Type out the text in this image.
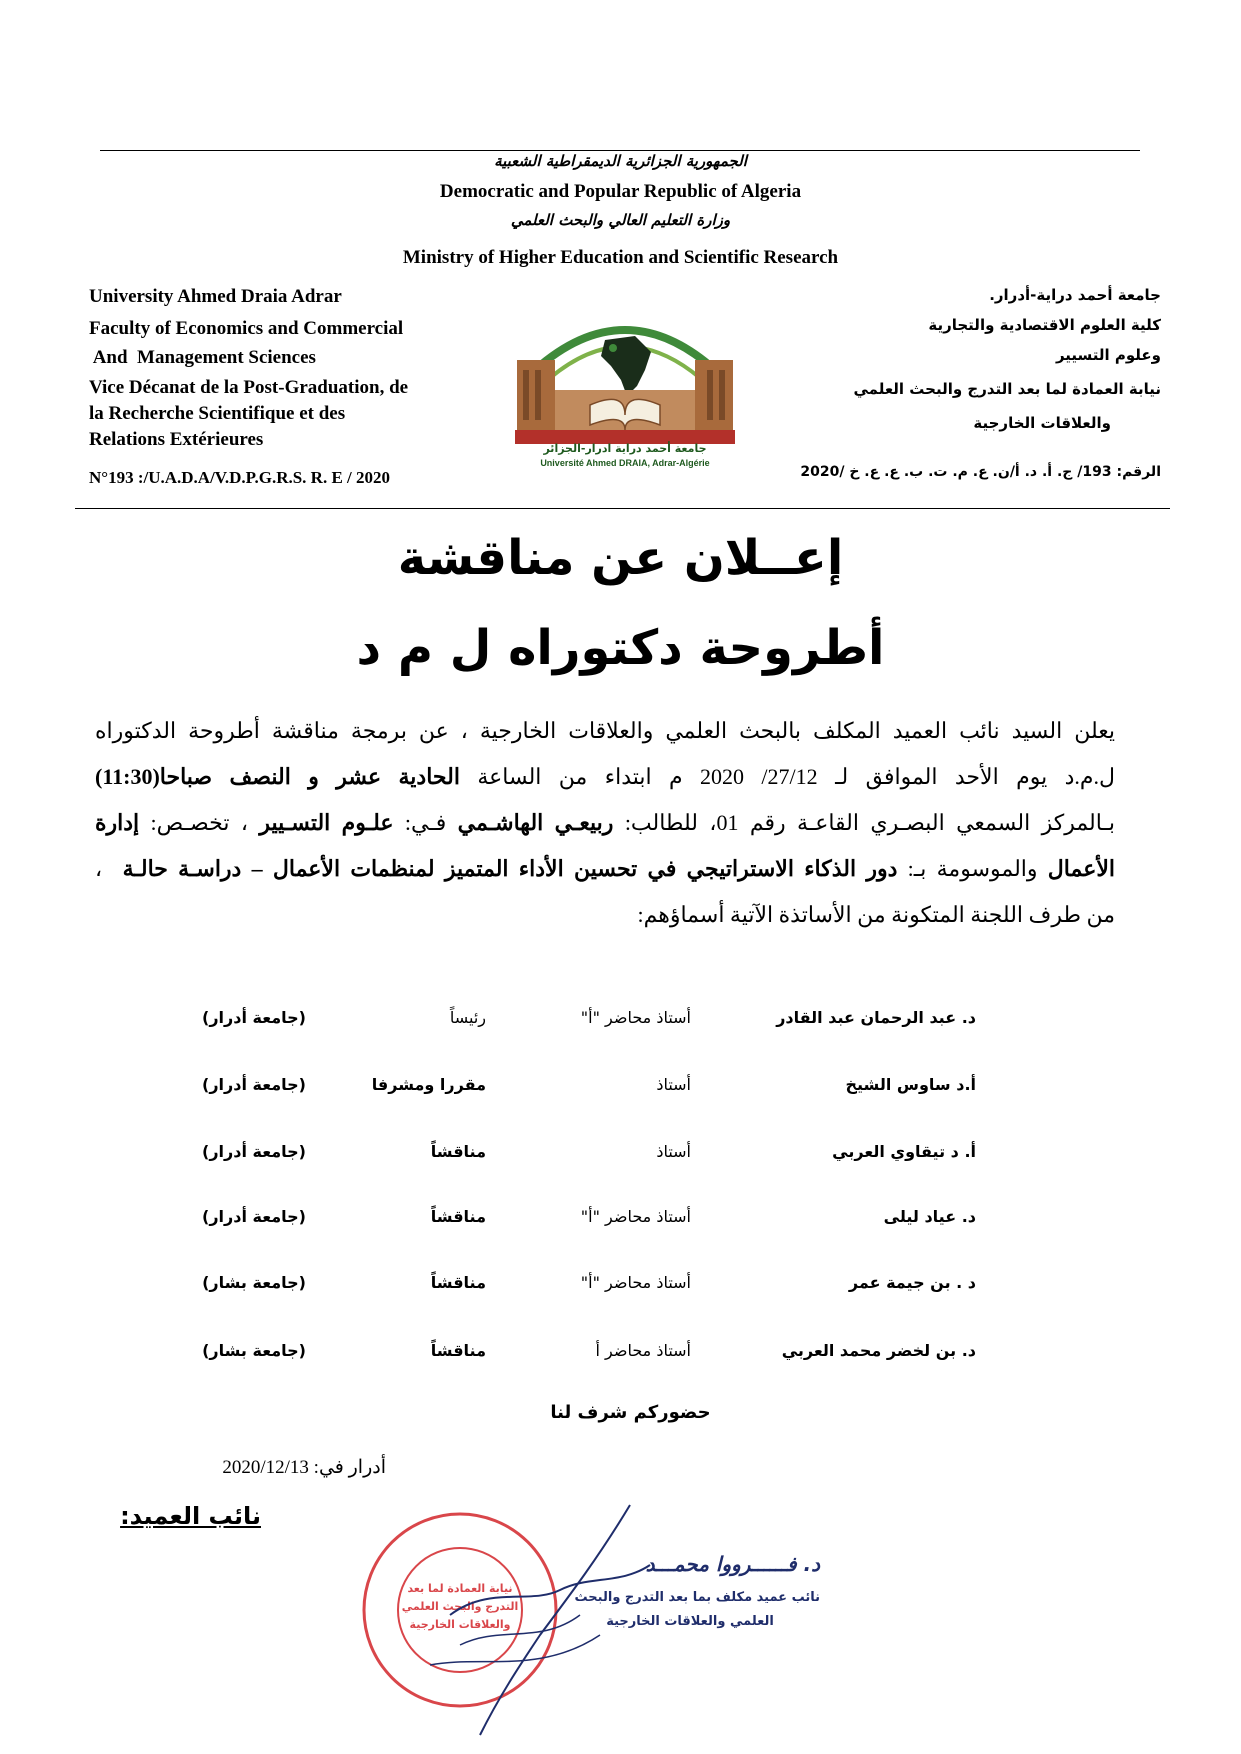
الجمهورية الجزائرية الديمقراطية الشعبية
Democratic and Popular Republic of Algeria
وزارة التعليم العالي والبحث العلمي
Ministry of Higher Education and Scientific Research
University Ahmed Draia Adrar
Faculty of Economics and Commercial
And  Management Sciences
Vice Décanat de la Post-Graduation, de
la Recherche Scientifique et des
Relations Extérieures
N°193 :/U.A.D.A/V.D.P.G.R.S. R. E / 2020
جامعة أحمد دراية-أدرار.
كلية العلوم الاقتصادية والتجارية
وعلوم التسيير
نيابة العمادة لما بعد التدرج والبحث العلمي
والعلاقات الخارجية
الرقم: 193/ ج. أ. د. أ/ن. ع. م. ت. ب. ع. ع. خ /2020
جامعة أحمد دراية ادرار-الجزائر
Université Ahmed DRAIA, Adrar-Algérie
إعــلان عن مناقشة
أطروحة دكتوراه ل م د
يعلن السيد نائب العميد المكلف بالبحث العلمي والعلاقات الخارجية ، عن برمجة مناقشة أطروحة الدكتوراه
ل.م.د يوم الأحد الموافق لـ 27/12/ 2020 م ابتداء من الساعة الحادية عشر و النصف صباحا(11:30)
بـالمركز السمعي البصـري القاعـة رقم 01، للطالب: ربيعـي الهاشـمي فـي: علـوم التسـيير ، تخصـص: إدارة
الأعمال والموسومة بـ: دور الذكاء الاستراتيجي في تحسين الأداء المتميز لمنظمات الأعمال – دراسـة حالـة  ،
من طرف اللجنة المتكونة من الأساتذة الآتية أسماؤهم:
د. عبد الرحمان عبد القادر
أستاذ محاضر "أ"
رئيساً
(جامعة أدرار)
أ.د ساوس الشيخ
أستاذ
مقررا ومشرفا
(جامعة أدرار)
أ. د تيقاوي العربي
أستاذ
مناقشاً
(جامعة أدرار)
د. عياد ليلى
أستاذ محاضر "أ"
مناقشاً
(جامعة أدرار)
د . بن جيمة عمر
أستاذ محاضر "أ"
مناقشاً
(جامعة بشار)
د. بن لخضر محمد العربي
أستاذ محاضر أ
مناقشاً
(جامعة بشار)
حضوركم شرف لنا
أدرار في: 2020/12/13
نائب العميد:
نيابة العمادة لما بعد
التدرج والبحث العلمي
والعلاقات الخارجية
د. فــــــرووا محمـــد
نائب عميد مكلف بما بعد التدرج والبحث
العلمي والعلاقات الخارجية
